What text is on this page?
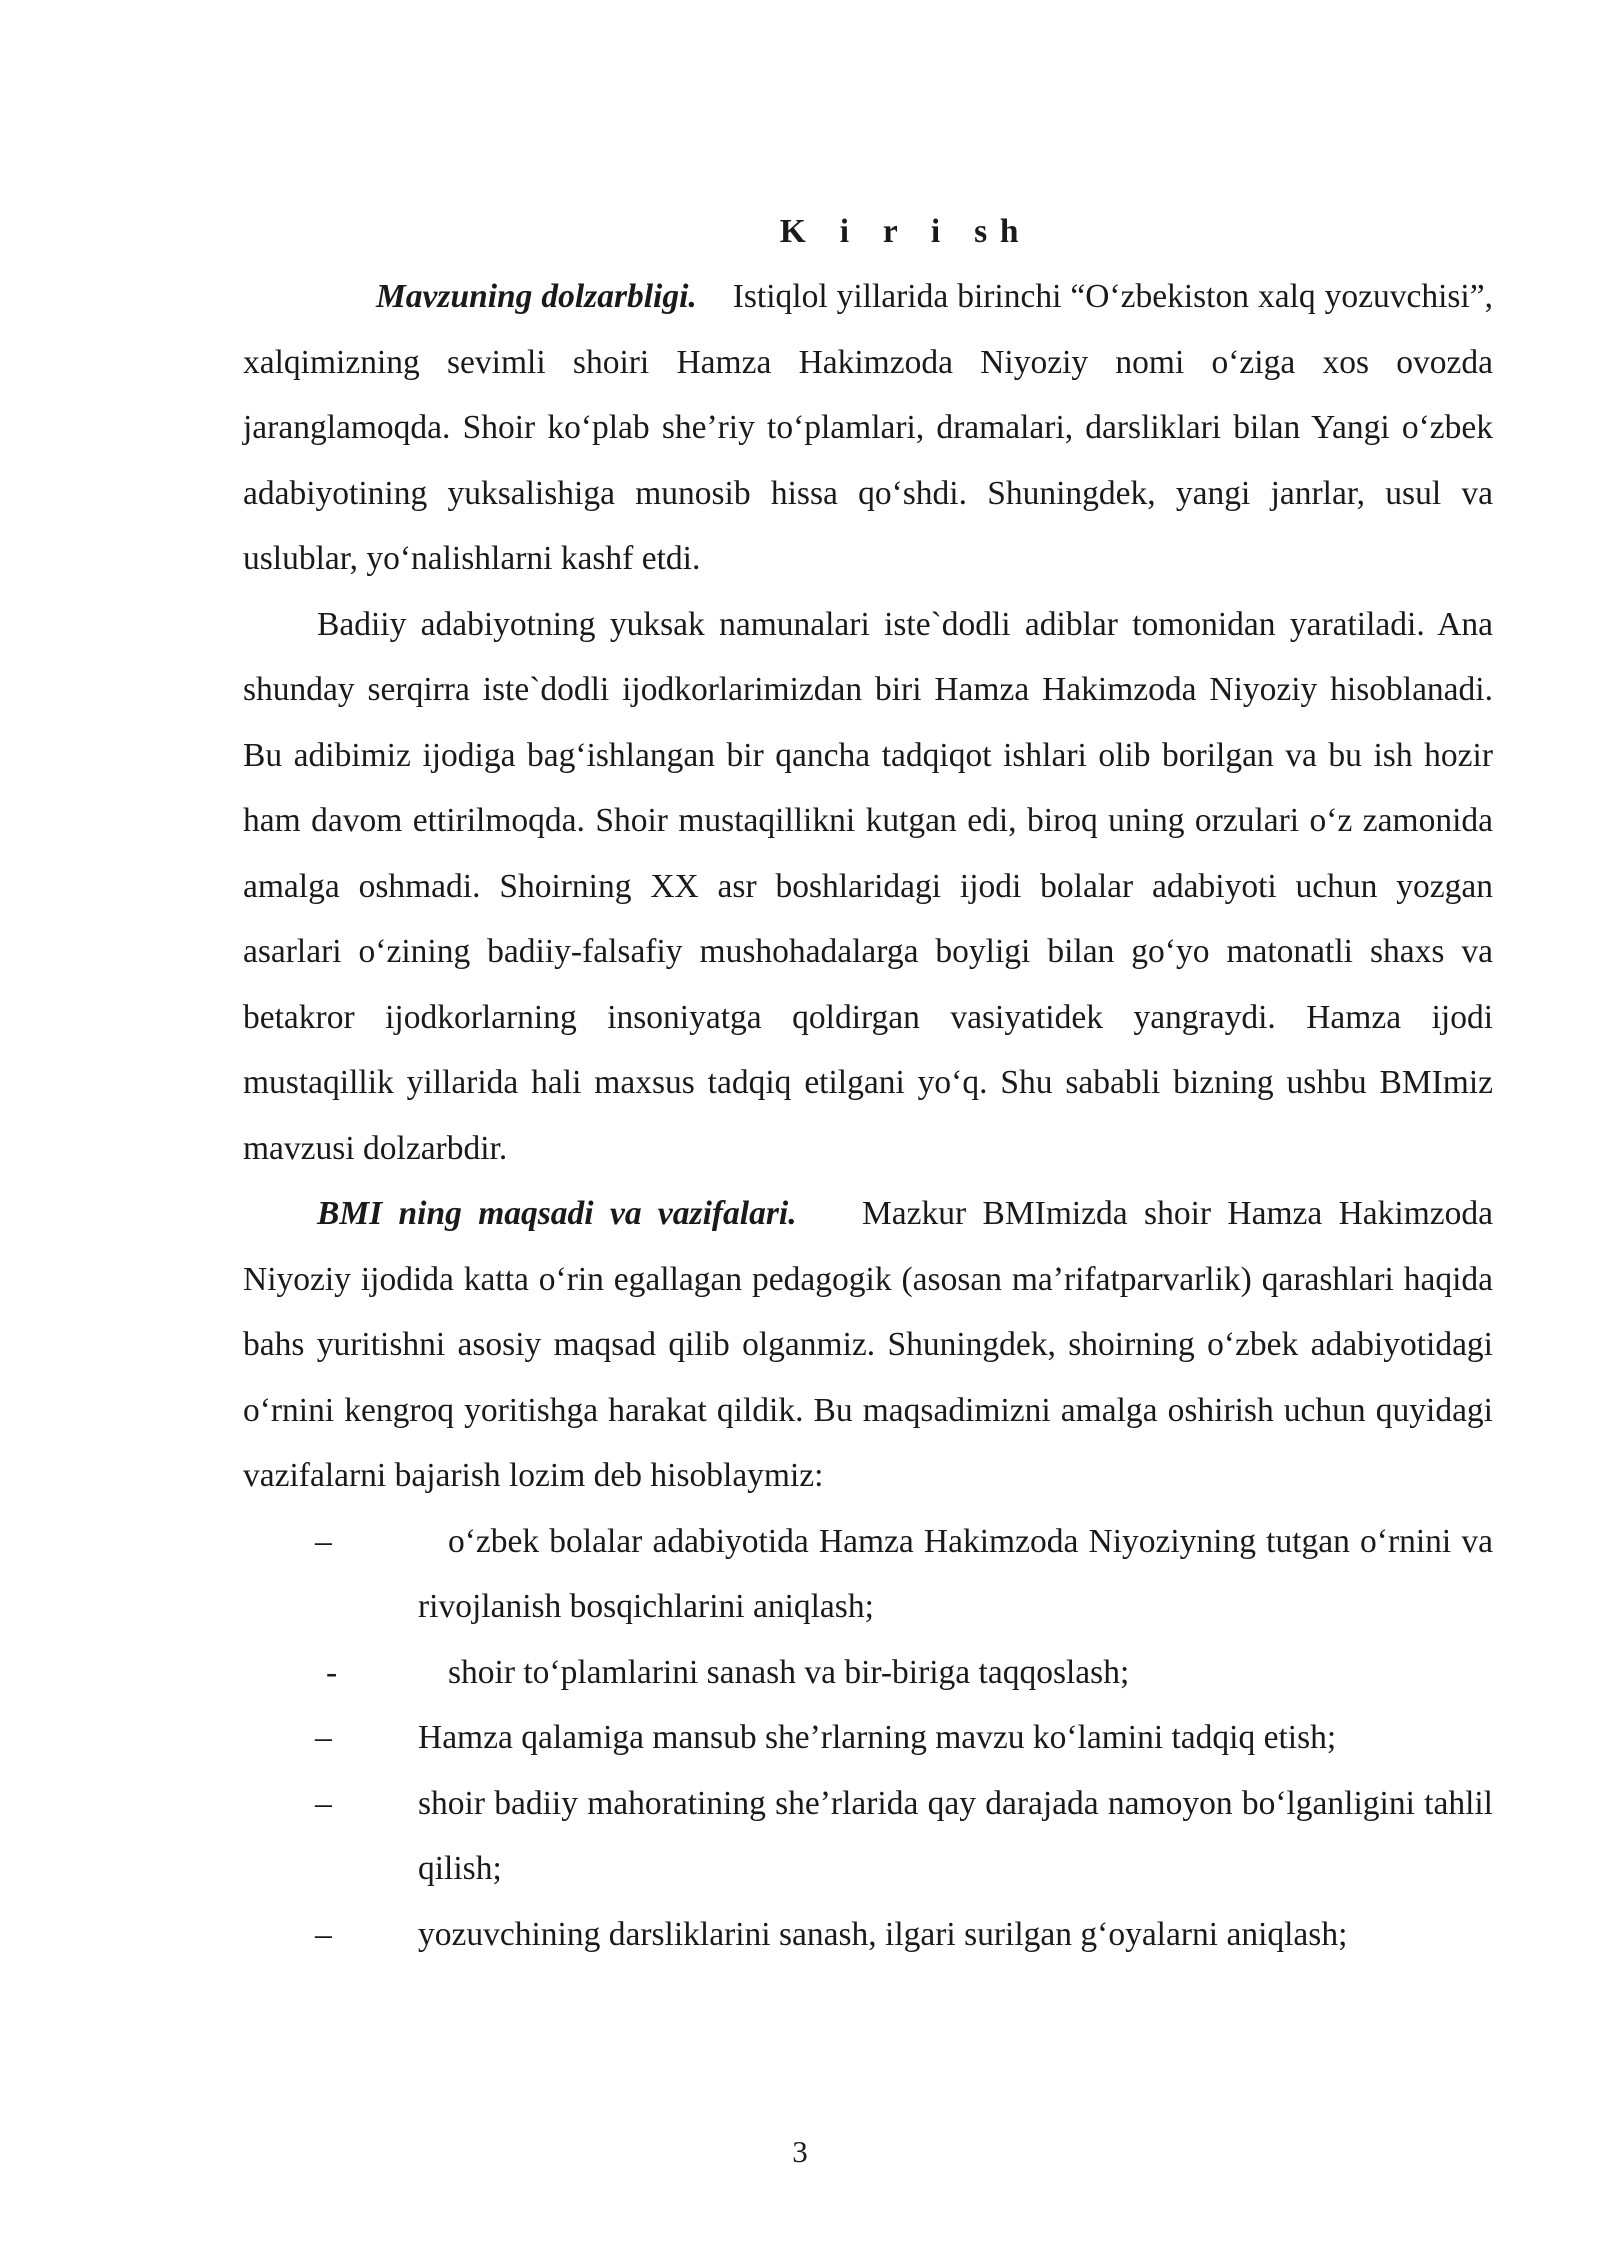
K i r i sh

Mavzuning dolzarbligi. Istiqlol yillarida birinchi “Oʻzbekiston xalq yozuvchisi”, xalqimizning sevimli shoiri Hamza Hakimzoda Niyoziy nomi oʻziga xos ovozda jaranglamoqda. Shoir koʻplab sheʼriy toʻplamlari, dramalari, darsliklari bilan Yangi oʻzbek adabiyotining yuksalishiga munosib hissa qoʻshdi. Shuningdek, yangi janrlar, usul va uslublar, yoʻnalishlarni kashf etdi.

Badiiy adabiyotning yuksak namunalari iste`dodli adiblar tomonidan yaratiladi. Ana shunday serqirra iste`dodli ijodkorlarimizdan biri Hamza Hakimzoda Niyoziy hisoblanadi. Bu adibimiz ijodiga bagʻishlangan bir qancha tadqiqot ishlari olib borilgan va bu ish hozir ham davom ettirilmoqda. Shoir mustaqillikni kutgan edi, biroq uning orzulari oʻz zamonida amalga oshmadi. Shoirning XX asr boshlaridagi ijodi bolalar adabiyoti uchun yozgan asarlari oʻzining badiiy-falsafiy mushohadalarga boyligi bilan goʻyo matonatli shaxs va betakror ijodkorlarning insoniyatga qoldirgan vasiyatidek yangraydi. Hamza ijodi mustaqillik yillarida hali maxsus tadqiq etilgani yoʻq. Shu sababli bizning ushbu BMImiz mavzusi dolzarbdir.

BMI ning maqsadi va vazifalari. Mazkur BMImizda shoir Hamza Hakimzoda Niyoziy ijodida katta oʻrin egallagan pedagogik (asosan maʼrifatparvarlik) qarashlari haqida bahs yuritishni asosiy maqsad qilib olganmiz. Shuningdek, shoirning oʻzbek adabiyotidagi oʻrnini kengroq yoritishga harakat qildik. Bu maqsadimizni amalga oshirish uchun quyidagi vazifalarni bajarish lozim deb hisoblaymiz:

–	oʻzbek bolalar adabiyotida Hamza Hakimzoda Niyoziyning tutgan oʻrnini va rivojlanish bosqichlarini aniqlash;
-	shoir toʻplamlarini sanash va bir-biriga taqqoslash;
–	Hamza qalamiga mansub sheʼrlarning mavzu koʻlamini tadqiq etish;
–	shoir badiiy mahoratining sheʼrlarida qay darajada namoyon boʻlganligini tahlil qilish;
–	yozuvchining darsliklarini sanash, ilgari surilgan gʻoyalarni aniqlash;
3
